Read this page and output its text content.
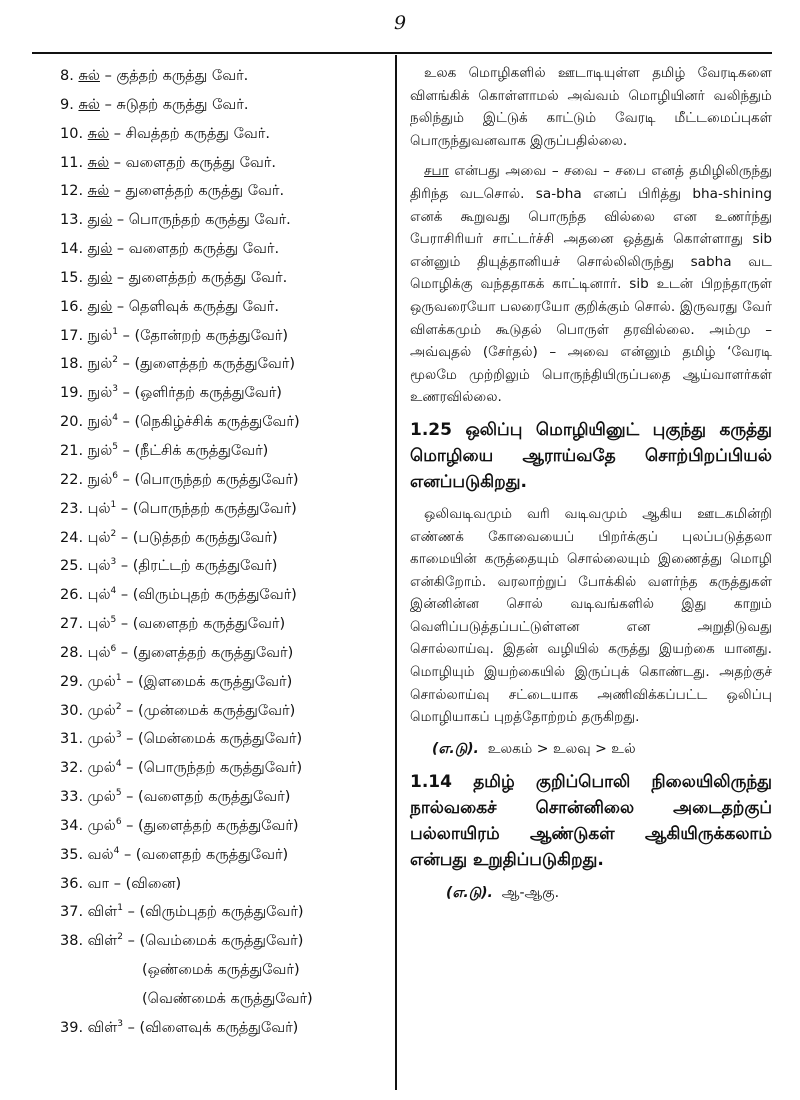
9
8. சுல் – குத்தற் கருத்து வேர்.
9. சுல் – சுடுதற் கருத்து வேர்.
10. சுல் – சிவத்தற் கருத்து வேர்.
11. சுல் – வளைதற் கருத்து வேர்.
12. சுல் – துளைத்தற் கருத்து வேர்.
13. துல் – பொருந்தற் கருத்து வேர்.
14. துல் – வளைதற் கருத்து வேர்.
15. துல் – துளைத்தற் கருத்து வேர்.
16. துல் – தெளிவுக் கருத்து வேர்.
17. நுல்$^1$ – (தோன்றற் கருத்துவேர்)
18. நுல்$^2$ – (துளைத்தற் கருத்துவேர்)
19. நுல்$^3$ – (ஒளிர்தற் கருத்துவேர்)
20. நுல்$^4$ – (நெகிழ்ச்சிக் கருத்துவேர்)
21. நுல்$^5$ – (நீட்சிக் கருத்துவேர்)
22. நுல்$^6$ – (பொருந்தற் கருத்துவேர்)
23. புல்$^1$ – (பொருந்தற் கருத்துவேர்)
24. புல்$^2$ – (படுத்தற் கருத்துவேர்)
25. புல்$^3$ – (திரட்டற் கருத்துவேர்)
26. புல்$^4$ – (விரும்புதற் கருத்துவேர்)
27. புல்$^5$ – (வளைதற் கருத்துவேர்)
28. புல்$^6$ – (துளைத்தற் கருத்துவேர்)
29. முல்$^1$ – (இளமைக் கருத்துவேர்)
30. முல்$^2$ – (முன்மைக் கருத்துவேர்)
31. முல்$^3$ – (மென்மைக் கருத்துவேர்)
32. முல்$^4$ – (பொருந்தற் கருத்துவேர்)
33. முல்$^5$ – (வளைதற் கருத்துவேர்)
34. முல்$^6$ – (துளைத்தற் கருத்துவேர்)
35. வல்$^4$ – (வளைதற் கருத்துவேர்)
36. வா – (வினை)
37. விள்$^1$ – (விரும்புதற் கருத்துவேர்)
38. விள்$^2$ – (வெம்மைக் கருத்துவேர்)
(ஒண்மைக் கருத்துவேர்)
(வெண்மைக் கருத்துவேர்)
39. விள்$^3$ – (விளைவுக் கருத்துவேர்)

உலக மொழிகளில் ஊடாடியுள்ள தமிழ் வேரடிகளை விளங்கிக் கொள்ளாமல் அவ்வம் மொழியினர் வலிந்தும் நலிந்தும் இட்டுக் காட்டும் வேரடி மீட்டமைப்புகள் பொருந்துவனவாக இருப்பதில்லை.

சபா என்பது அவை – சவை – சபை எனத் தமிழிலிருந்து திரிந்த வடசொல். sa-bha எனப் பிரித்து bha-shining எனக் கூறுவது பொருந்த வில்லை என உணர்ந்து பேராசிரியர் சாட்டர்ச்சி அதனை ஒத்துக் கொள்ளாது sib என்னும் தியுத்தானியச் சொல்லிலிருந்து sabha வட மொழிக்கு வந்ததாகக் காட்டினார். sib உடன் பிறந்தாருள் ஒருவரையோ பலரையோ குறிக்கும் சொல். இருவரது வேர் விளக்கமும் கூடுதல் பொருள் தரவில்லை. அம்மு – அவ்வுதல் (சேர்தல்) – அவை என்னும் தமிழ் ‘வேரடி மூலமே முற்றிலும் பொருந்தியிருப்பதை ஆய்வாளர்கள் உணரவில்லை.

1.25 ஒலிப்பு மொழியினுட் புகுந்து கருத்து மொழியை ஆராய்வதே சொற்பிறப்பியல் எனப்படுகிறது.

ஒலிவடிவமும் வரி வடிவமும் ஆகிய ஊடகமின்றி எண்ணக் கோவையைப் பிறர்க்குப் புலப்படுத்தலா காமையின் கருத்தையும் சொல்லையும் இணைத்து மொழி என்கிறோம். வரலாற்றுப் போக்கில் வளர்ந்த கருத்துகள் இன்னின்ன சொல் வடிவங்களில் இது காறும் வெளிப்படுத்தப்பட்டுள்ளன என அறுதிடுவது சொல்லாய்வு. இதன் வழியில் கருத்து இயற்கை யானது. மொழியும் இயற்கையில் இருப்புக் கொண்டது. அதற்குச் சொல்லாய்வு சட்டையாக அணிவிக்கப்பட்ட ஒலிப்பு மொழியாகப் புறத்தோற்றம் தருகிறது.

(எ.டு). உலகம் > உலவு > உல்

1.14 தமிழ் குறிப்பொலி நிலையிலிருந்து நால்வகைச் சொன்னிலை அடைதற்குப் பல்லாயிரம் ஆண்டுகள் ஆகியிருக்கலாம் என்பது உறுதிப்படுகிறது.

(எ.டு). ஆ-ஆகு.
